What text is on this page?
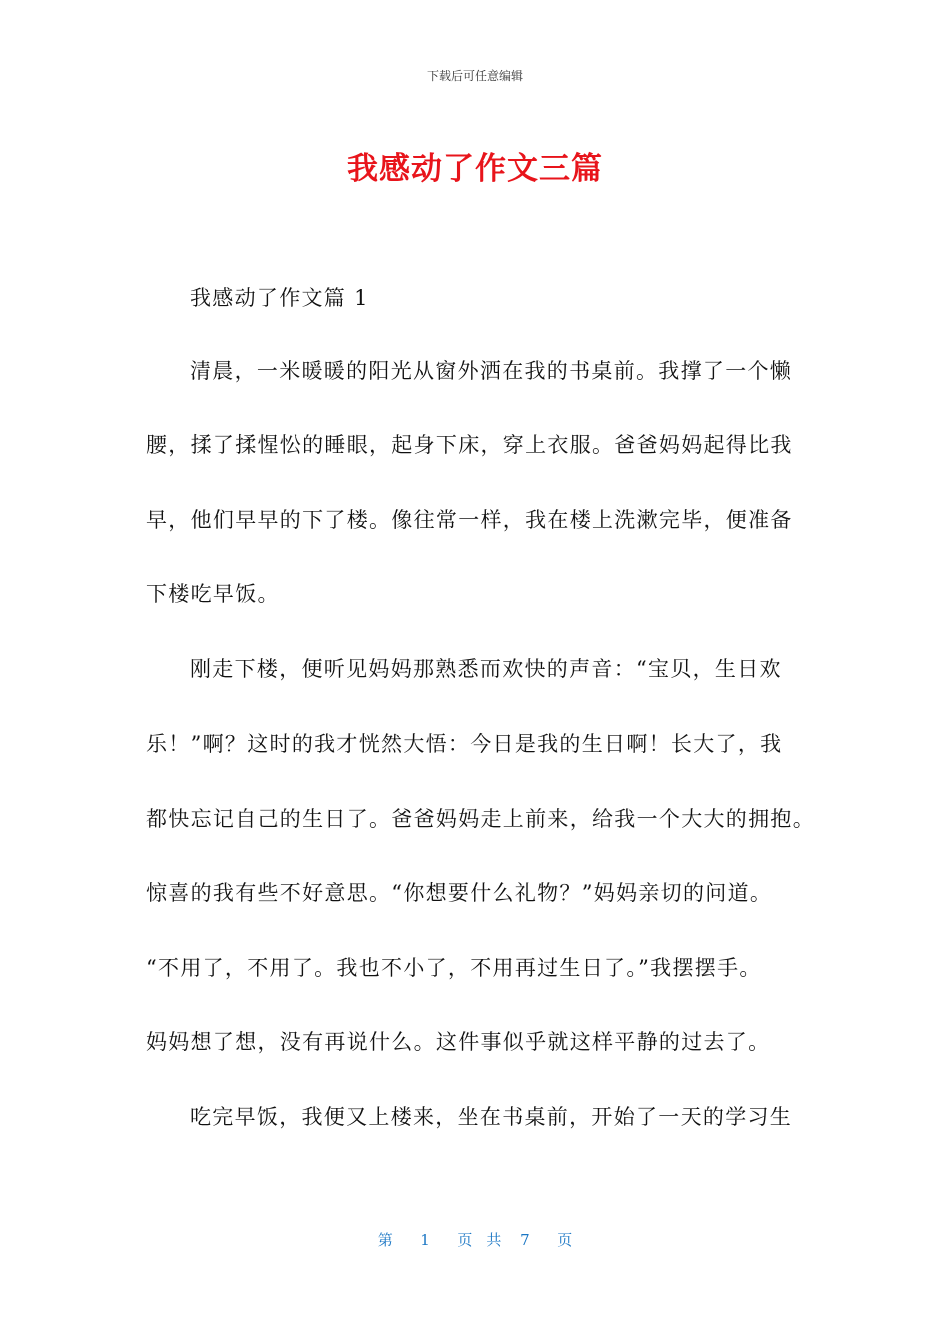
下载后可任意编辑
我感动了作文三篇
我感动了作文篇 1
清晨，一米暖暖的阳光从窗外洒在我的书桌前。我撑了一个懒
腰，揉了揉惺忪的睡眼，起身下床，穿上衣服。爸爸妈妈起得比我
早，他们早早的下了楼。像往常一样，我在楼上洗漱完毕，便准备
下楼吃早饭。
刚走下楼，便听见妈妈那熟悉而欢快的声音：“宝贝，生日欢
乐！”啊？这时的我才恍然大悟：今日是我的生日啊！长大了，我
都快忘记自己的生日了。爸爸妈妈走上前来，给我一个大大的拥抱。
惊喜的我有些不好意思。“你想要什么礼物？”妈妈亲切的问道。
“不用了，不用了。我也不小了，不用再过生日了。”我摆摆手。
妈妈想了想，没有再说什么。这件事似乎就这样平静的过去了。
吃完早饭，我便又上楼来，坐在书桌前，开始了一天的学习生
第 1 页共 7 页
